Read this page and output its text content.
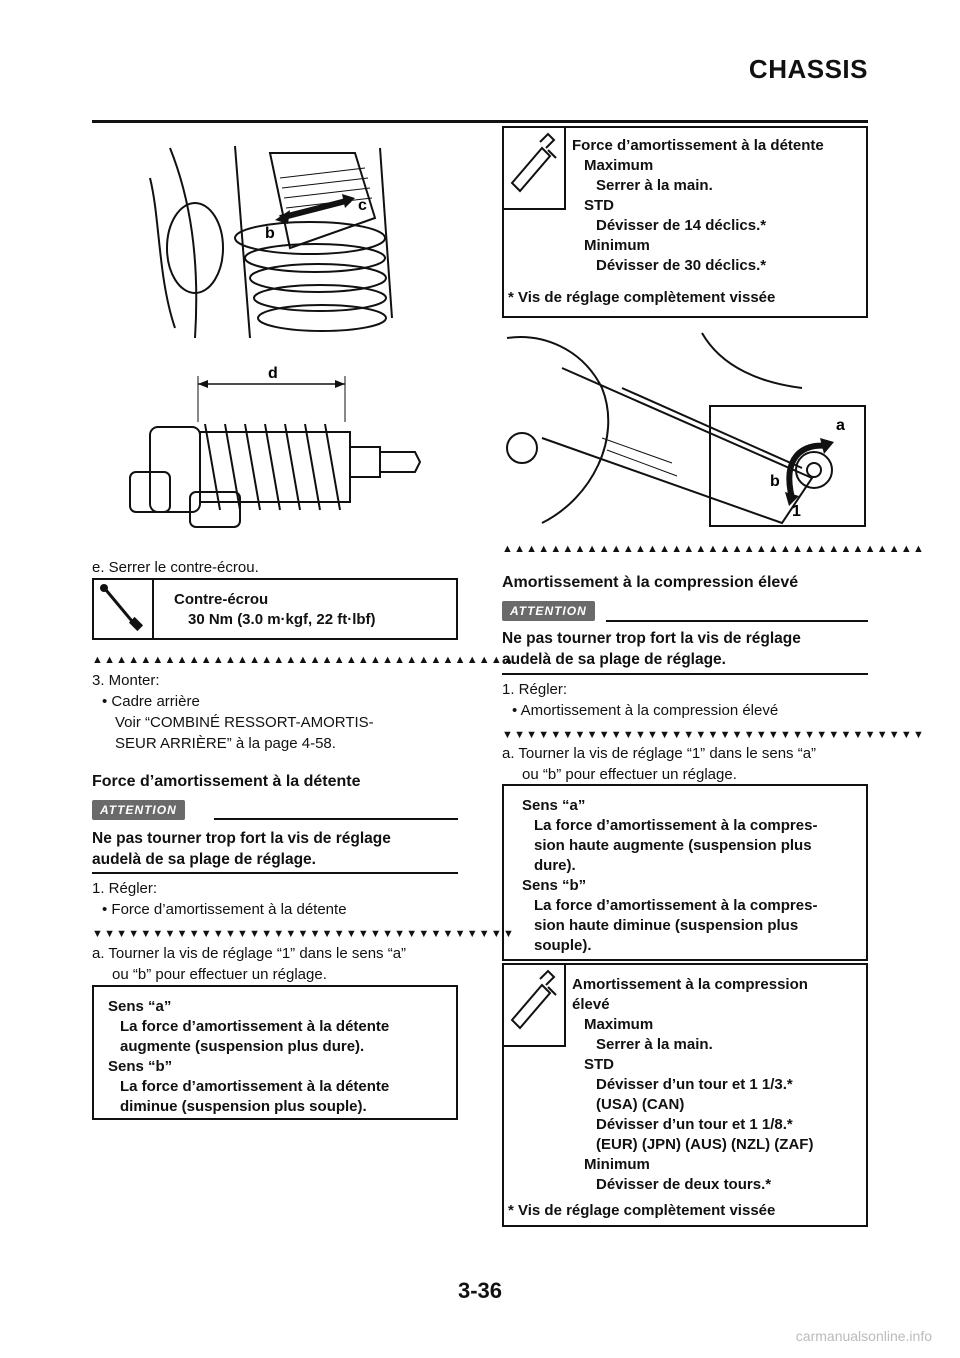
CHASSIS
b
c
d
e. Serrer le contre-écrou.
Contre-écrou
30 Nm (3.0 m·kgf, 22 ft·lbf)
▲▲▲▲▲▲▲▲▲▲▲▲▲▲▲▲▲▲▲▲▲▲▲▲▲▲▲▲▲▲▲▲▲▲▲
3. Monter:
• Cadre arrière
Voir “COMBINÉ RESSORT-AMORTIS-
SEUR ARRIÈRE” à la page 4-58.
Force d’amortissement à la détente
ATTENTION
Ne pas tourner trop fort la vis de réglage
audelà de sa plage de réglage.
1. Régler:
• Force d’amortissement à la détente
▼▼▼▼▼▼▼▼▼▼▼▼▼▼▼▼▼▼▼▼▼▼▼▼▼▼▼▼▼▼▼▼▼▼▼
a. Tourner la vis de réglage “1” dans le sens “a”
ou “b” pour effectuer un réglage.
Sens “a”
La force d’amortissement à la détente
augmente (suspension plus dure).
Sens “b”
La force d’amortissement à la détente
diminue (suspension plus souple).
Force d’amortissement à la détente
Maximum
Serrer à la main.
STD
Dévisser de 14 déclics.*
Minimum
Dévisser de 30 déclics.*
* Vis de réglage complètement vissée
a
b
1
▲▲▲▲▲▲▲▲▲▲▲▲▲▲▲▲▲▲▲▲▲▲▲▲▲▲▲▲▲▲▲▲▲▲▲
Amortissement à la compression élevé
ATTENTION
Ne pas tourner trop fort la vis de réglage
audelà de sa plage de réglage.
1. Régler:
• Amortissement à la compression élevé
▼▼▼▼▼▼▼▼▼▼▼▼▼▼▼▼▼▼▼▼▼▼▼▼▼▼▼▼▼▼▼▼▼▼▼
a. Tourner la vis de réglage “1” dans le sens “a”
ou “b” pour effectuer un réglage.
Sens “a”
La force d’amortissement à la compres-
sion haute augmente (suspension plus
dure).
Sens “b”
La force d’amortissement à la compres-
sion haute diminue (suspension plus
souple).
Amortissement à la compression
élevé
Maximum
Serrer à la main.
STD
Dévisser d’un tour et 1 1/3.*
(USA) (CAN)
Dévisser d’un tour et 1 1/8.*
(EUR) (JPN) (AUS) (NZL) (ZAF)
Minimum
Dévisser de deux tours.*
* Vis de réglage complètement vissée
3-36
carmanualsonline.info
